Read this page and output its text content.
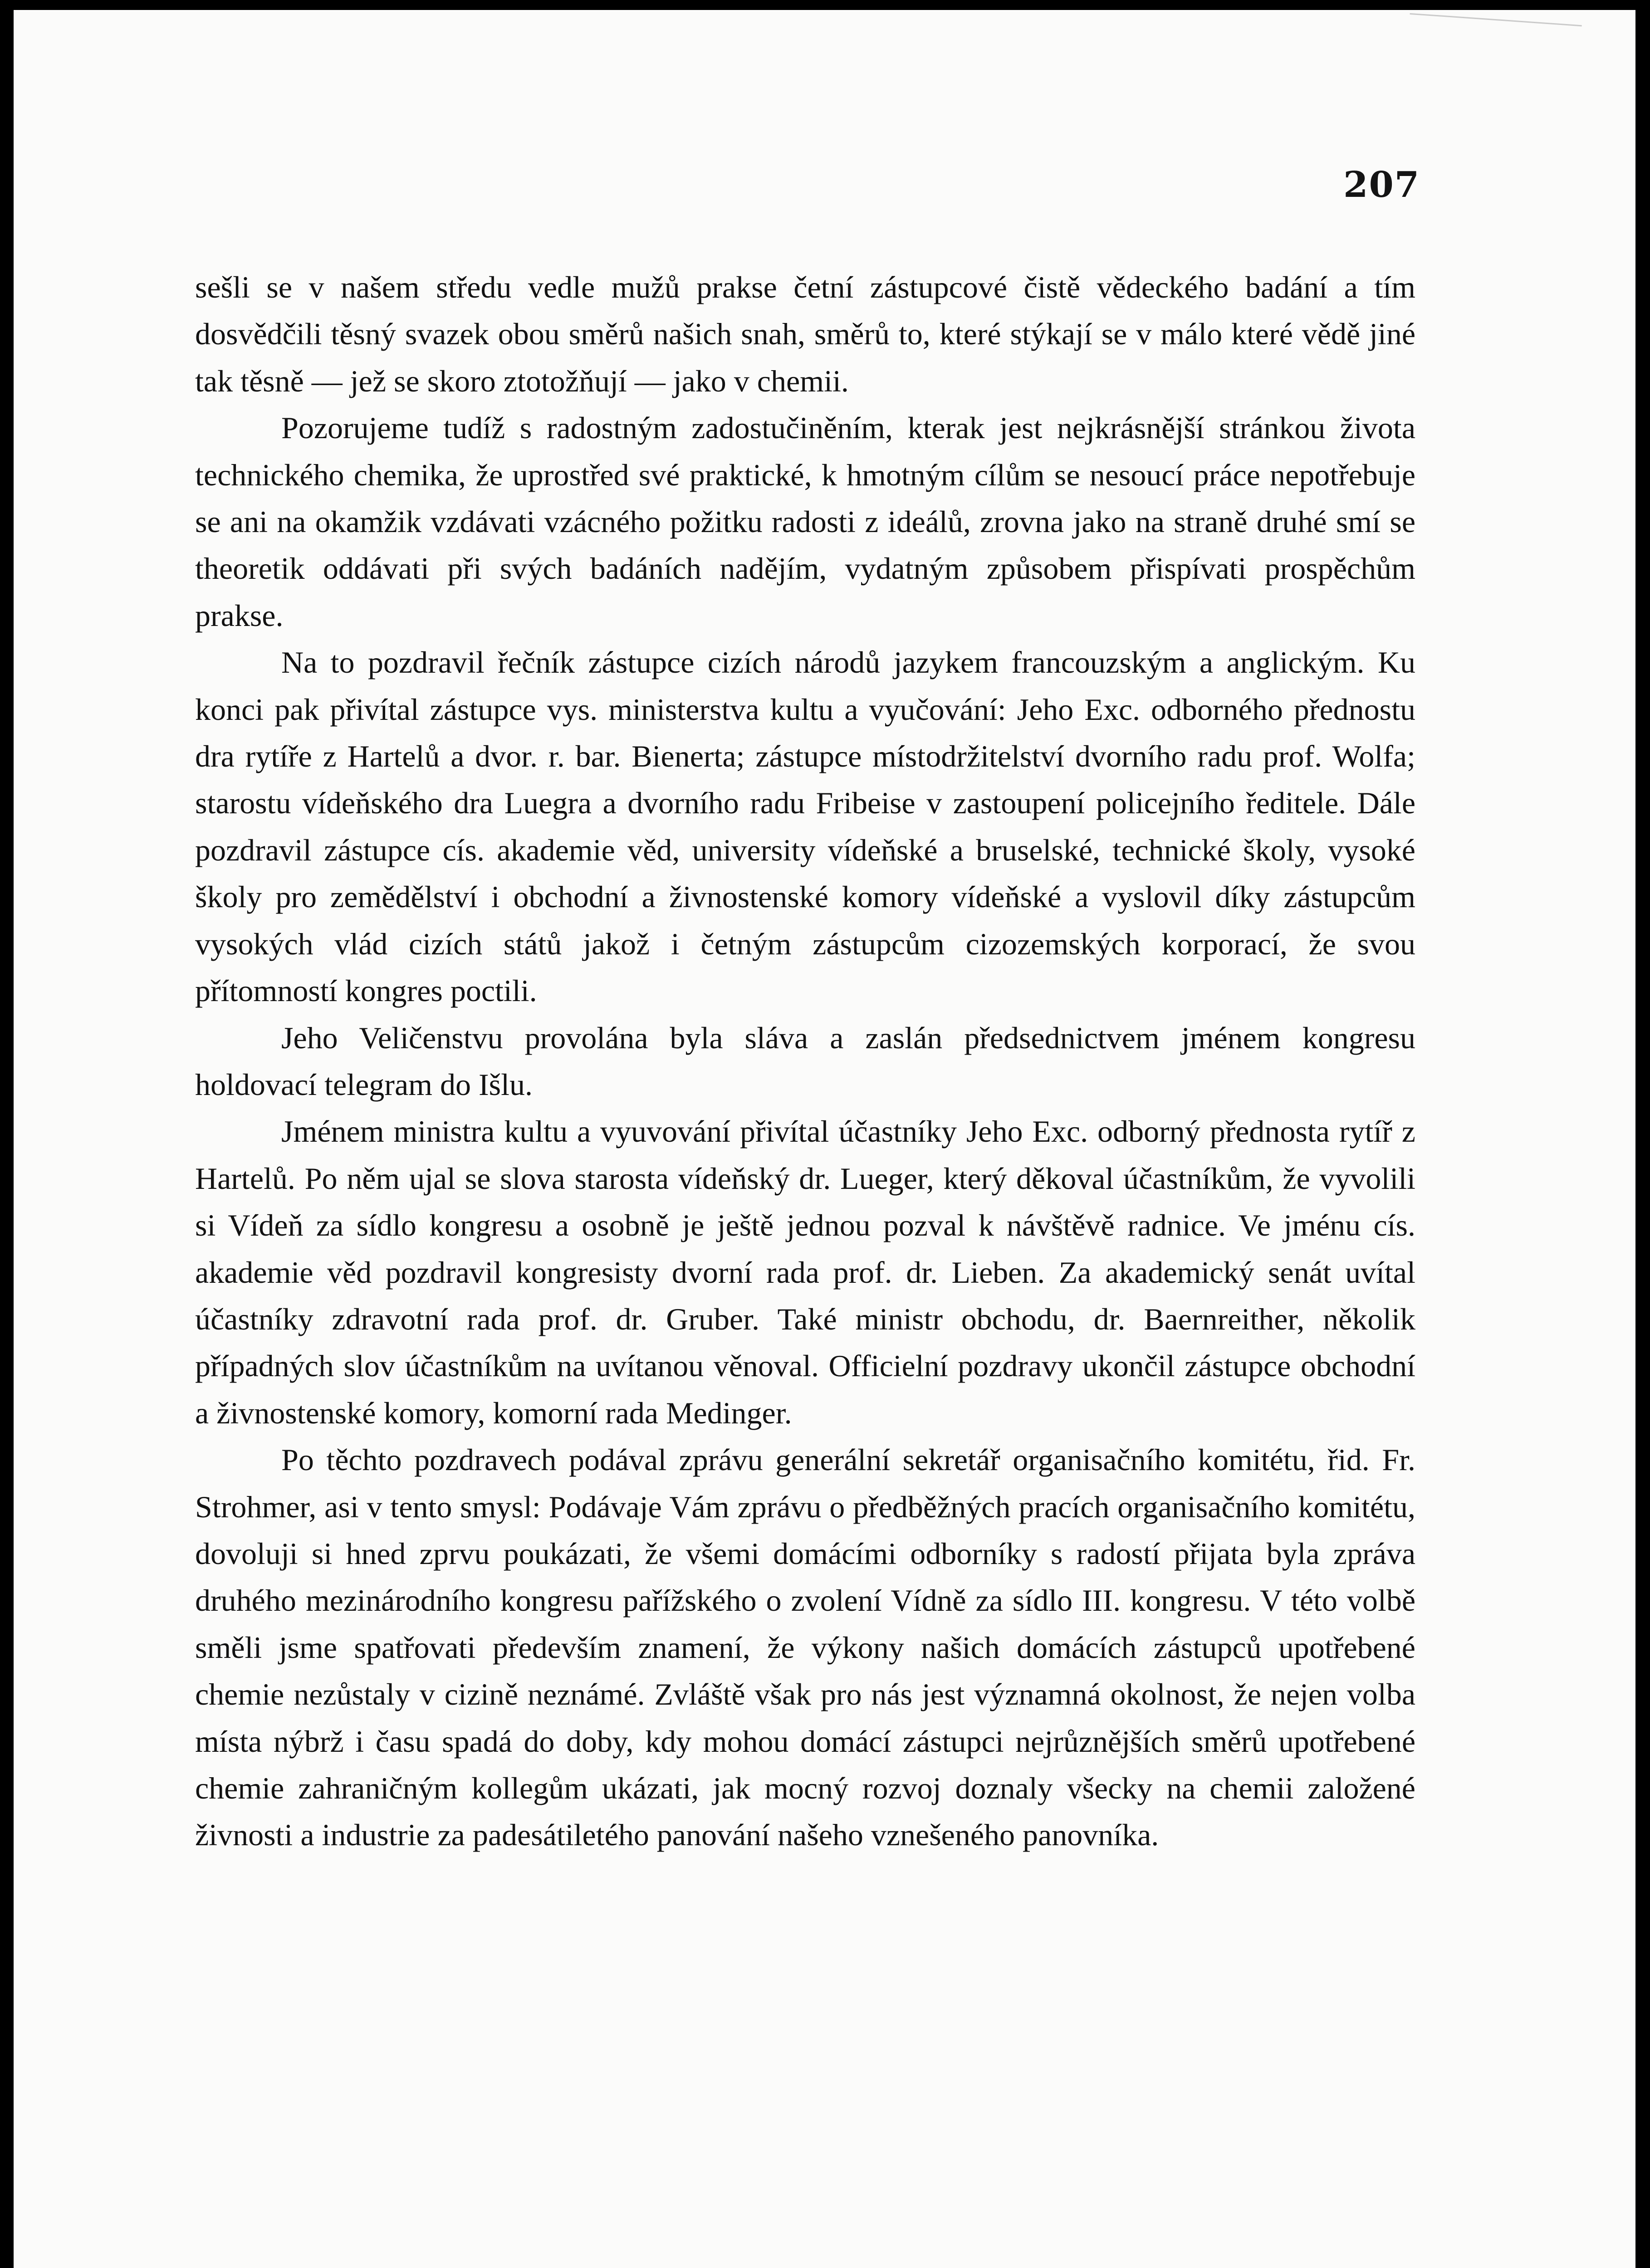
207

sešli se v našem středu vedle mužů prakse četní zástupcové čistě vědeckého badání a tím dosvědčili těsný svazek obou směrů našich snah, směrů to, které stýkají se v málo které vědě jiné tak těsně — jež se skoro ztotožňují — jako v chemii.

Pozorujeme tudíž s radostným zadostučiněním, kterak jest nejkrásnější stránkou života technického chemika, že uprostřed své praktické, k hmotným cílům se nesoucí práce nepotřebuje se ani na okamžik vzdávati vzácného požitku radosti z ideálů, zrovna jako na straně druhé smí se theoretik oddávati při svých badáních nadějím, vydatným způsobem přispívati prospěchům prakse.

Na to pozdravil řečník zástupce cizích národů jazykem francouzským a anglickým. Ku konci pak přivítal zástupce vys. ministerstva kultu a vyučování: Jeho Exc. odborného přednostu dra rytíře z Hartelů a dvor. r. bar. Bienerta; zástupce místodržitelství dvorního radu prof. Wolfa; starostu vídeňského dra Luegra a dvorního radu Fribeise v zastoupení policejního ředitele. Dále pozdravil zástupce cís. akademie věd, university vídeňské a bruselské, technické školy, vysoké školy pro zemědělství i obchodní a živnostenské komory vídeňské a vyslovil díky zástupcům vysokých vlád cizích států jakož i četným zástupcům cizozemských korporací, že svou přítomností kongres poctili.

Jeho Veličenstvu provolána byla sláva a zaslán předsednictvem jménem kongresu holdovací telegram do Išlu.

Jménem ministra kultu a vyuvování přivítal účastníky Jeho Exc. odborný přednosta rytíř z Hartelů. Po něm ujal se slova starosta vídeňský dr. Lueger, který děkoval účastníkům, že vyvolili si Vídeň za sídlo kongresu a osobně je ještě jednou pozval k návštěvě radnice. Ve jménu cís. akademie věd pozdravil kongresisty dvorní rada prof. dr. Lieben. Za akademický senát uvítal účastníky zdravotní rada prof. dr. Gruber. Také ministr obchodu, dr. Baernreither, několik případných slov účastníkům na uvítanou věnoval. Officielní pozdravy ukončil zástupce obchodní a živnostenské komory, komorní rada Medinger.

Po těchto pozdravech podával zprávu generální sekretář organisačního komitétu, řid. Fr. Strohmer, asi v tento smysl: Podávaje Vám zprávu o předběžných pracích organisačního komitétu, dovoluji si hned zprvu poukázati, že všemi domácími odborníky s radostí přijata byla zpráva druhého mezinárodního kongresu pařížského o zvolení Vídně za sídlo III. kongresu. V této volbě směli jsme spatřovati především znamení, že výkony našich domácích zástupců upotřebené chemie nezůstaly v cizině neznámé. Zvláště však pro nás jest významná okolnost, že nejen volba místa nýbrž i času spadá do doby, kdy mohou domácí zástupci nejrůznějších směrů upotřebené chemie zahraničným kollegům ukázati, jak mocný rozvoj doznaly všecky na chemii založené živnosti a industrie za padesátiletého panování našeho vznešeného panovníka.
